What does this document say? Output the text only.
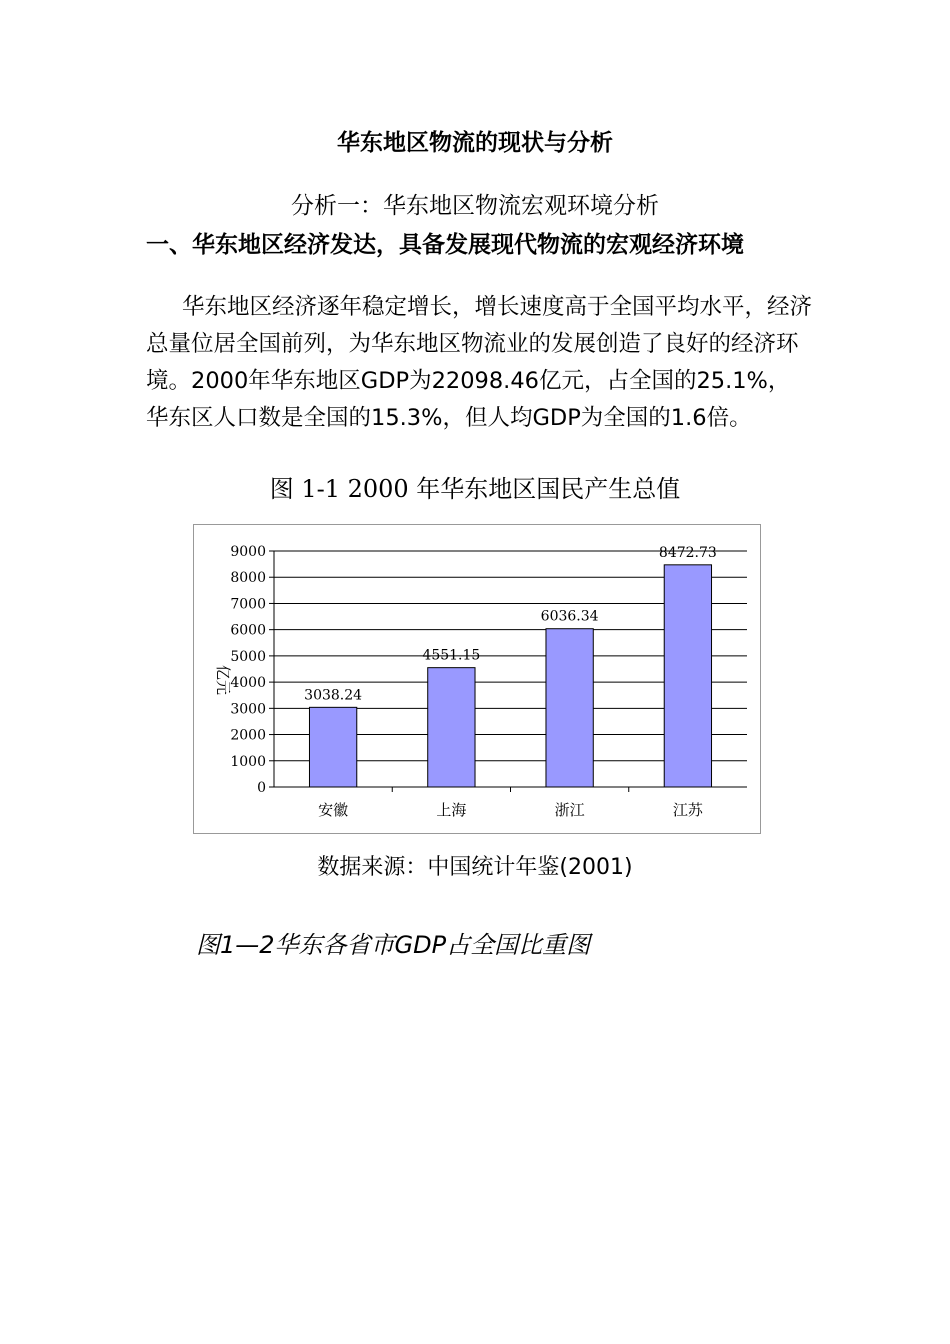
华东地区物流的现状与分析
分析一：华东地区物流宏观环境分析
一、华东地区经济发达，具备发展现代物流的宏观经济环境
华东地区经济逐年稳定增长，增长速度高于全国平均水平，经济总量位居全国前列，为华东地区物流业的发展创造了良好的经济环境。2000年华东地区GDP为22098.46亿元，占全国的25.1%，华东区人口数是全国的15.3%，但人均GDP为全国的1.6倍。
图 1-1 2000 年华东地区国民产生总值
亿元
0
1000
2000
3000
4000
5000
6000
7000
8000
9000
3038.24
安徽
4551.15
上海
6036.34
浙江
8472.73
江苏
数据来源：中国统计年鉴(2001)
图1—2华东各省市GDP占全国比重图
